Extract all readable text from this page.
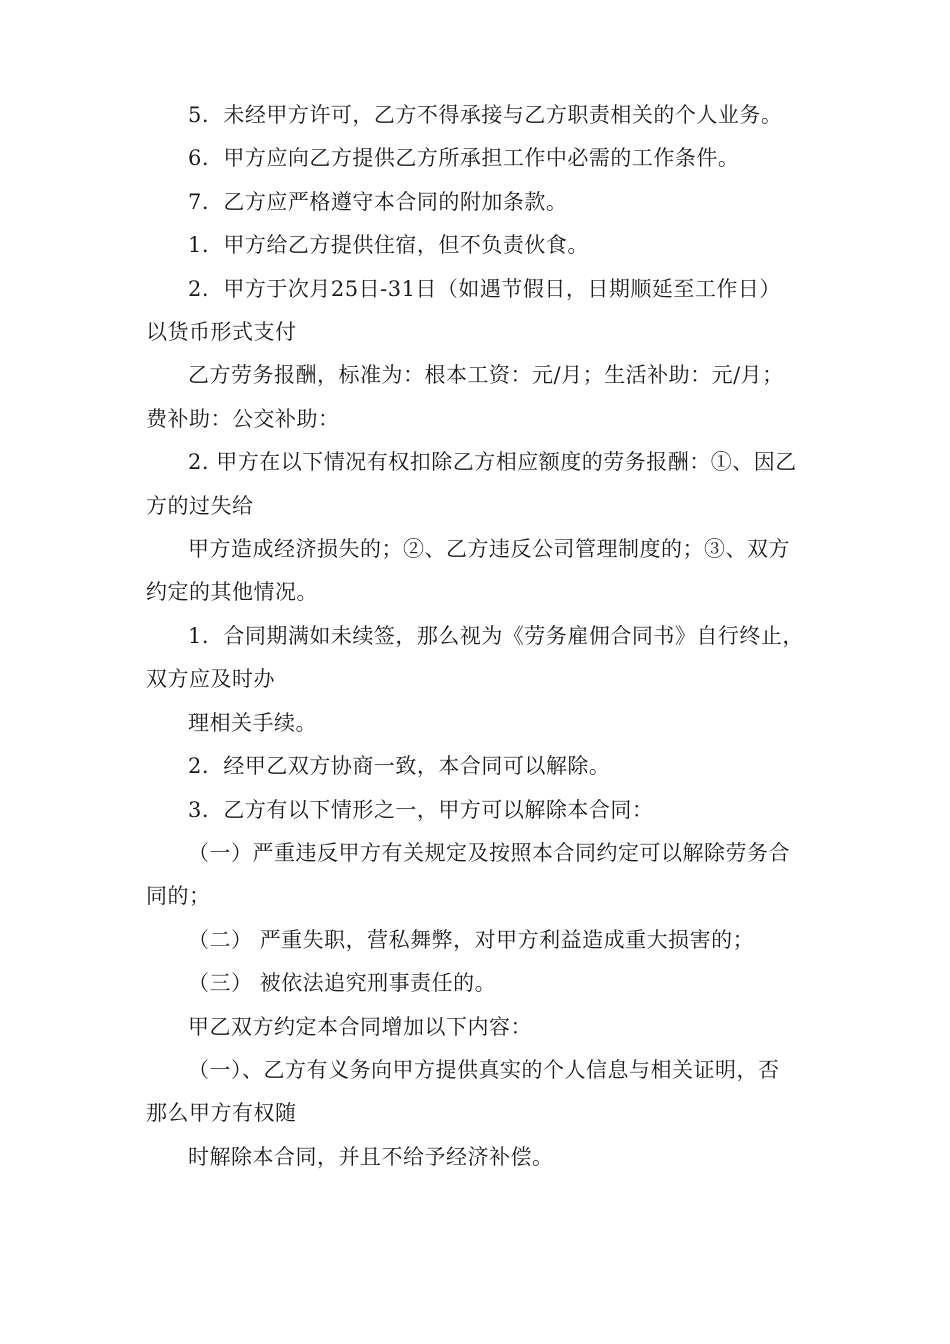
5.  未经甲方许可，乙方不得承接与乙方职责相关的个人业务。

6.  甲方应向乙方提供乙方所承担工作中必需的工作条件。

7.  乙方应严格遵守本合同的附加条款。

1.  甲方给乙方提供住宿，但不负责伙食。

2.  甲方于次月25日-31日（如遇节假日，日期顺延至工作日） 以货币形式支付

乙方劳务报酬，标准为：根本工资：元/月；生活补助：元/月；      费补助：公交补助：

2. 甲方在以下情况有权扣除乙方相应额度的劳务报酬：①、因乙方的过失给

甲方造成经济损失的；②、乙方违反公司管理制度的；③、双方约定的其他情况。

1.  合同期满如未续签，那么视为《劳务雇佣合同书》自行终止，双方应及时办

理相关手续。

2.  经甲乙双方协商一致，本合同可以解除。

3.  乙方有以下情形之一，甲方可以解除本合同：

（一）严重违反甲方有关规定及按照本合同约定可以解除劳务合同的；

（二） 严重失职，营私舞弊，对甲方利益造成重大损害的；

（三） 被依法追究刑事责任的。

甲乙双方约定本合同增加以下内容：

（一）、乙方有义务向甲方提供真实的个人信息与相关证明，否  那么甲方有权随

时解除本合同，并且不给予经济补偿。
